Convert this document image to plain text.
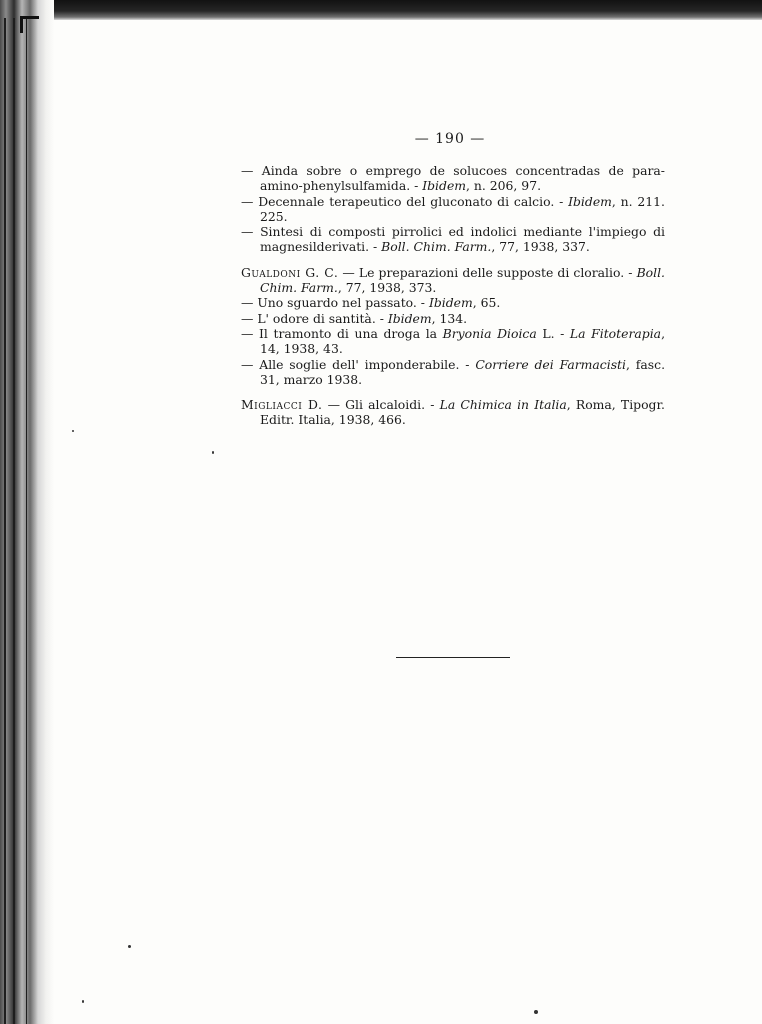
— 190 —
— Ainda sobre o emprego de solucoes concentradas de para-amino-phenylsulfamida. - Ibidem, n. 206, 97.
— Decennale terapeutico del gluconato di calcio. - Ibidem, n. 211. 225.
— Sintesi di composti pirrolici ed indolici mediante l'impiego di magnesilderivati. - Boll. Chim. Farm., 77, 1938, 337.
Gualdoni G. C. — Le preparazioni delle supposte di cloralio. - Boll. Chim. Farm., 77, 1938, 373.
— Uno sguardo nel passato. - Ibidem, 65.
— L' odore di santità. - Ibidem, 134.
— Il tramonto di una droga la Bryonia Dioica L. - La Fitoterapia, 14, 1938, 43.
— Alle soglie dell' imponderabile. - Corriere dei Farmacisti, fasc. 31, marzo 1938.
Migliacci D. — Gli alcaloidi. - La Chimica in Italia, Roma, Tipogr. Editr. Italia, 1938, 466.
